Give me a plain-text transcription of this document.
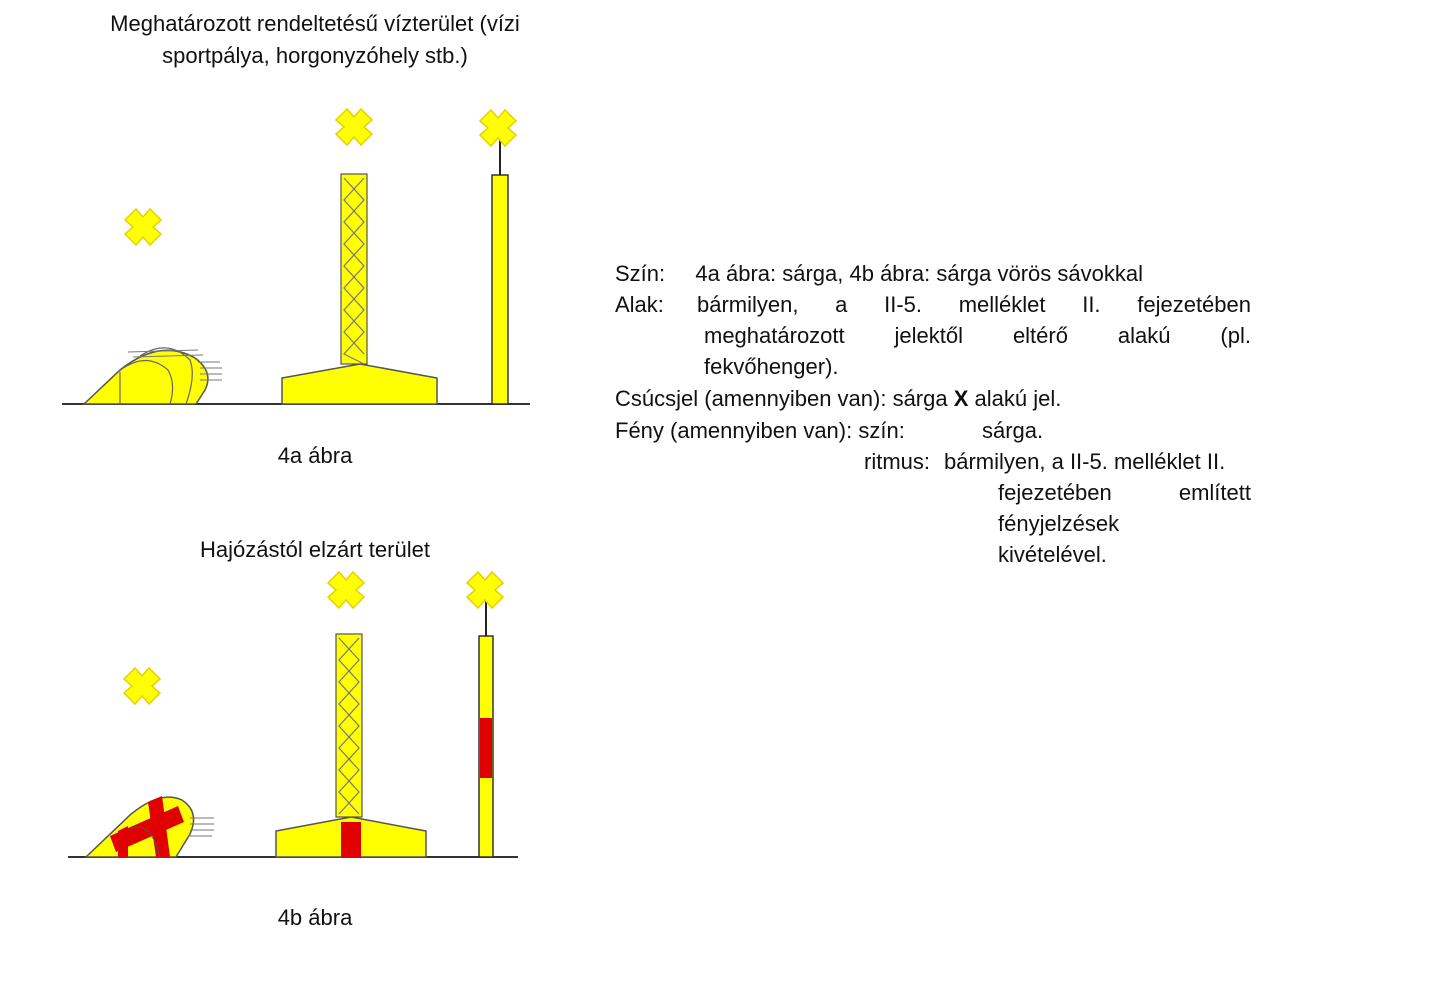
Meghatározott rendeltetésű vízterület (vízi
sportpálya, horgonyzóhely stb.)
4a ábra
Hajózástól elzárt terület
4b ábra
Szín: 4a ábra: sárga, 4b ábra: sárga vörös sávokkal
Alak: bármilyen, a II-5. melléklet II. fejezetében
meghatározott jelektől eltérő alakú (pl.
fekvőhenger).
Csúcsjel (amennyiben van): sárga X alakú jel.
Fény (amennyiben van): szín:	sárga.
ritmus: bármilyen, a II-5. melléklet II.
fejezetében	említett
fényjelzések
kivételével.
